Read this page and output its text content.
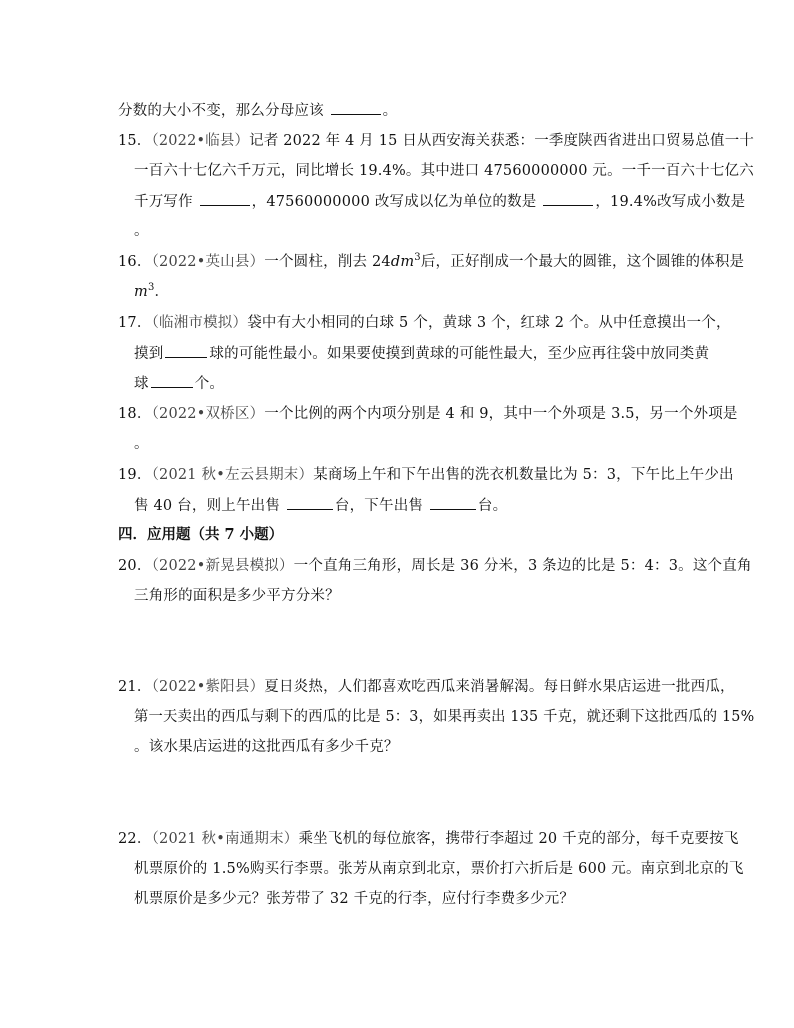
分数的大小不变，那么分母应该	。
15．（2022•临县）记者 2022 年 4 月 15 日从西安海关获悉：一季度陕西省进出口贸易总值一十
一百六十七亿六千万元，同比增长 19.4%。其中进口 47560000000 元。一千一百六十七亿六
千万写作	，47560000000 改写成以亿为单位的数是	，19.4%改写成小数是
。
16．（2022•英山县）一个圆柱，削去 $24dm^3$后，正好削成一个最大的圆锥，这个圆锥的体积是
$m^3$．
17．（临湘市模拟）袋中有大小相同的白球 5 个，黄球 3 个，红球 2 个。从中任意摸出一个，
摸到	球的可能性最小。如果要使摸到黄球的可能性最大，至少应再往袋中放同类黄
球	个。
18．（2022•双桥区）一个比例的两个内项分别是 4 和 9，其中一个外项是 3.5，另一个外项是
。
19．（2021 秋•左云县期末）某商场上午和下午出售的洗衣机数量比为 5：3，下午比上午少出
售 40 台，则上午出售	台，下午出售	台。
四．应用题（共 7 小题）
20．（2022•新晃县模拟）一个直角三角形，周长是 36 分米，3 条边的比是 5：4：3。这个直角
三角形的面积是多少平方分米？
21．（2022•紫阳县）夏日炎热，人们都喜欢吃西瓜来消暑解渴。每日鲜水果店运进一批西瓜，
第一天卖出的西瓜与剩下的西瓜的比是 5：3，如果再卖出 135 千克，就还剩下这批西瓜的 15%
。该水果店运进的这批西瓜有多少千克？
22．（2021 秋•南通期末）乘坐飞机的每位旅客，携带行李超过 20 千克的部分，每千克要按飞
机票原价的 1.5%购买行李票。张芳从南京到北京，票价打六折后是 600 元。南京到北京的飞
机票原价是多少元？张芳带了 32 千克的行李，应付行李费多少元？
